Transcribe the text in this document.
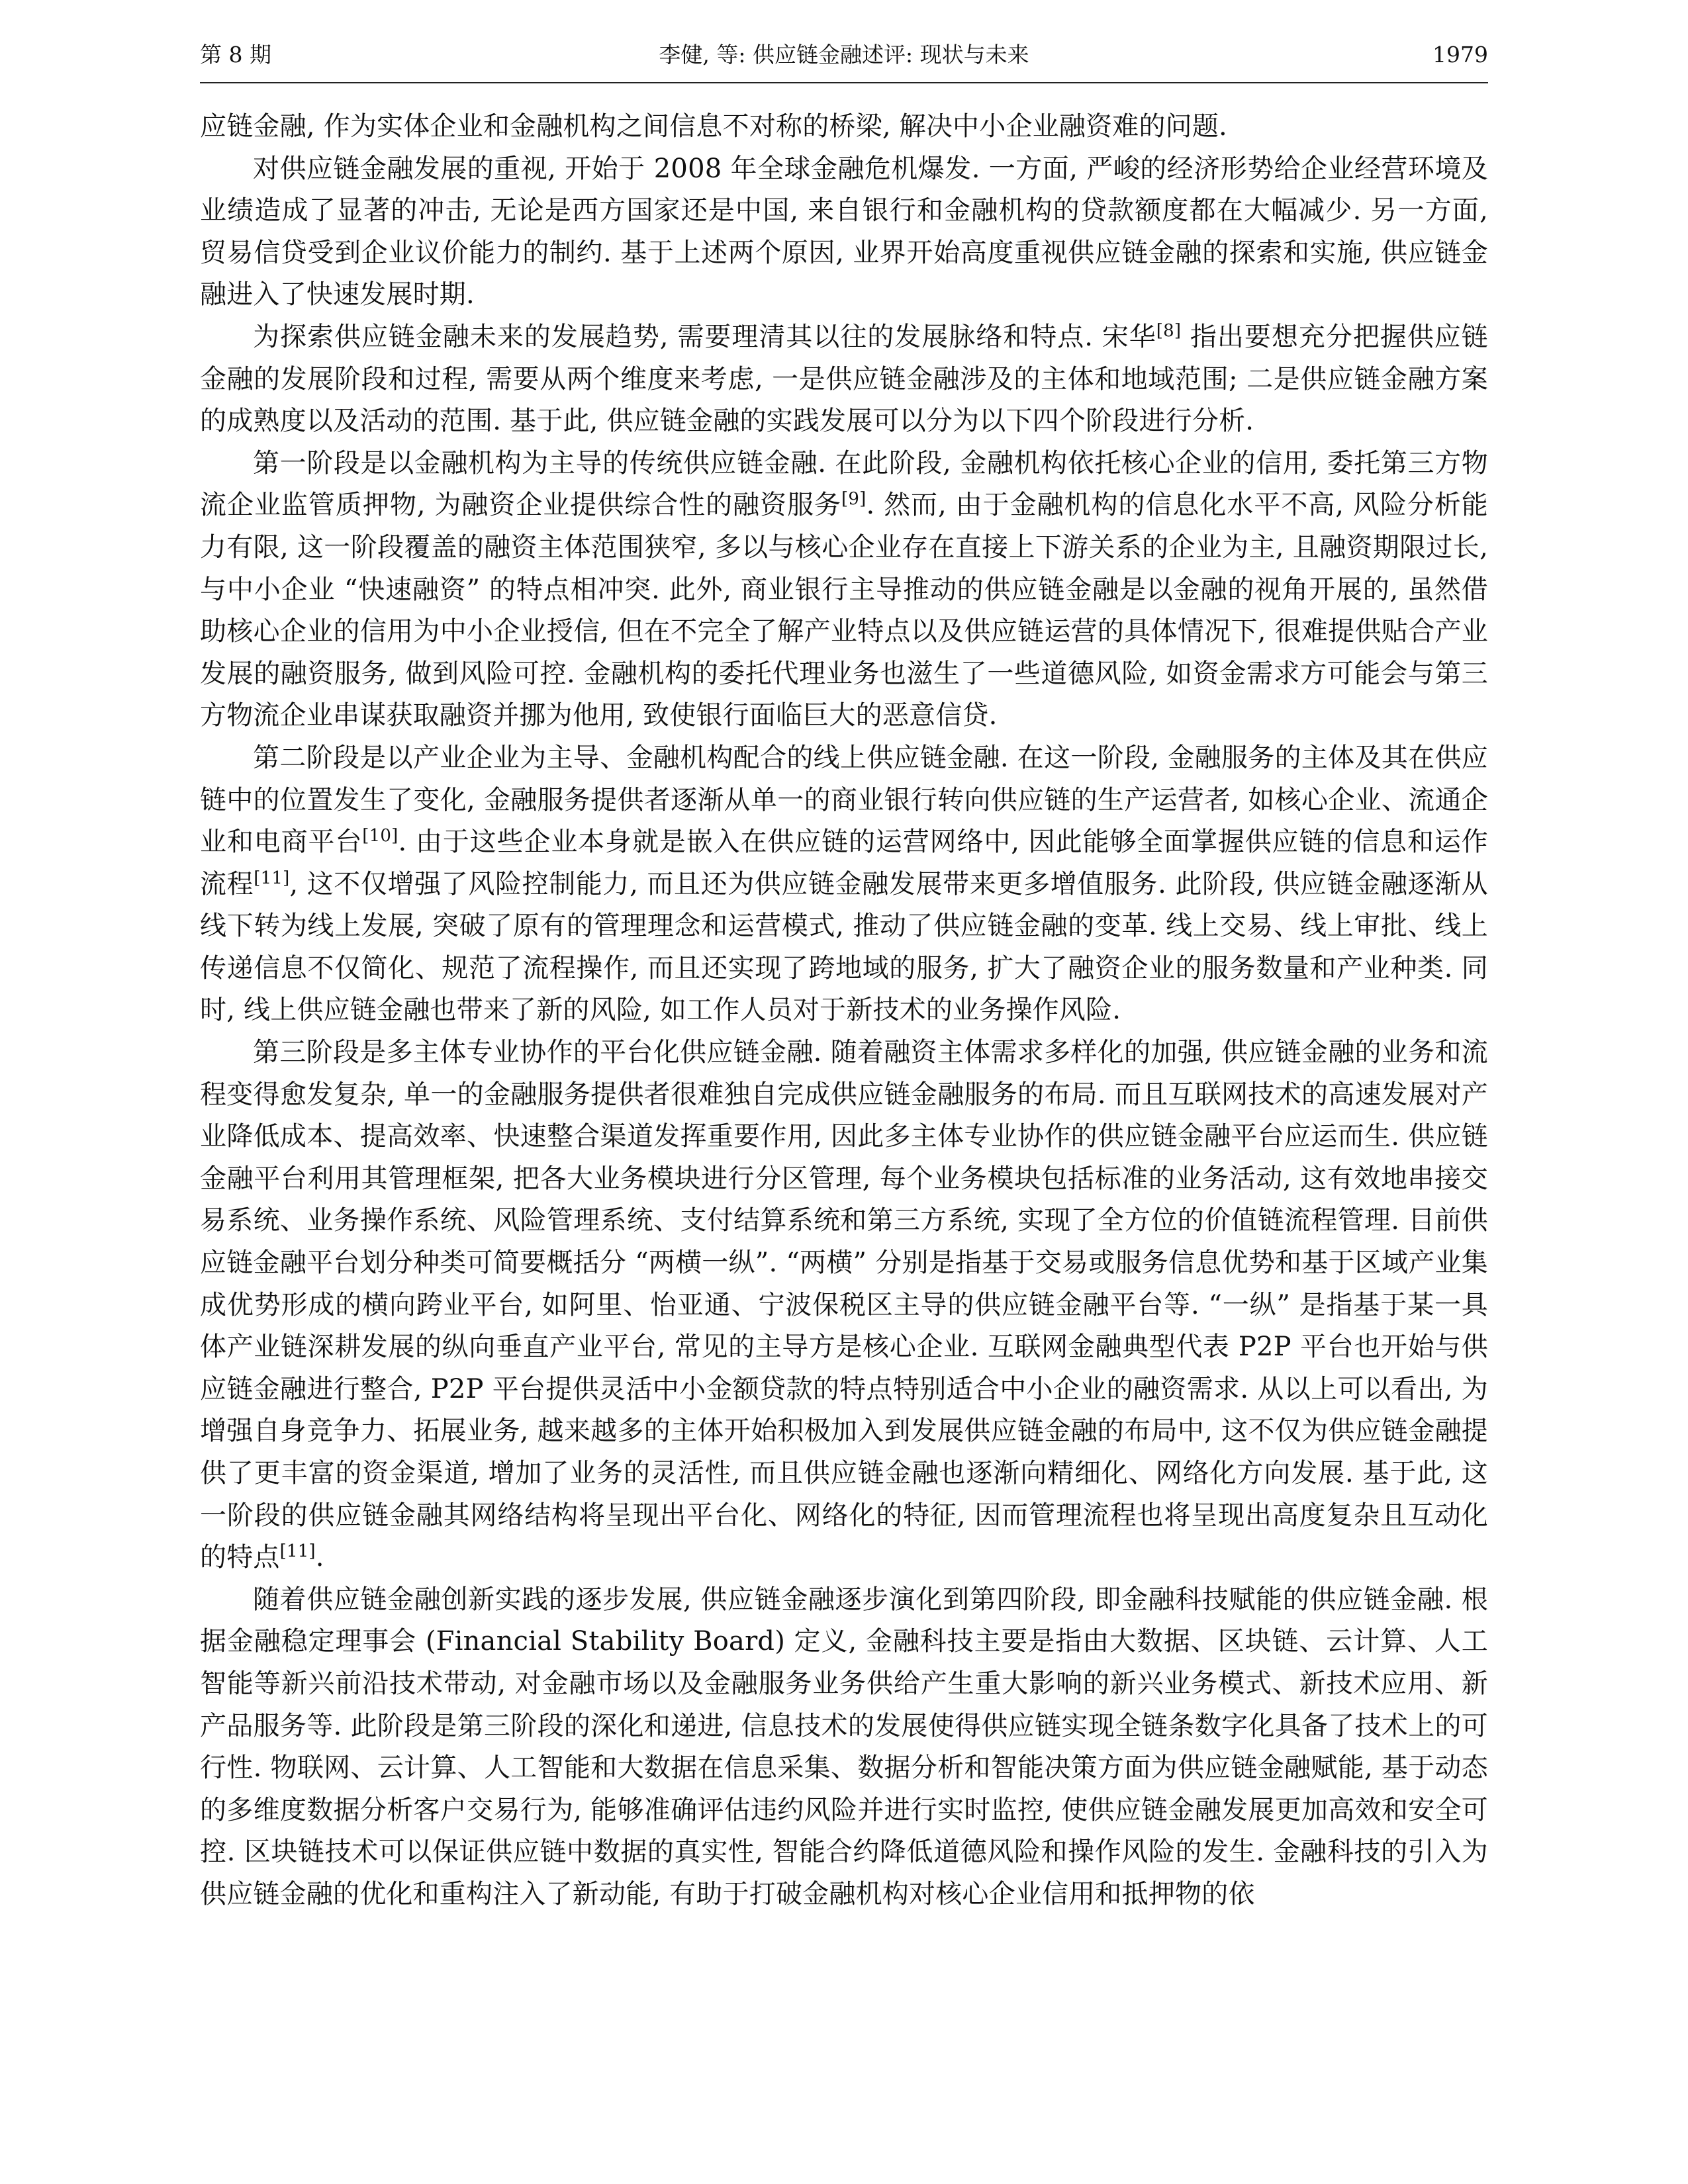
第 8 期	李健, 等: 供应链金融述评: 现状与未来	1979

应链金融, 作为实体企业和金融机构之间信息不对称的桥梁, 解决中小企业融资难的问题.

对供应链金融发展的重视, 开始于 2008 年全球金融危机爆发. 一方面, 严峻的经济形势给企业经营环境及业绩造成了显著的冲击, 无论是西方国家还是中国, 来自银行和金融机构的贷款额度都在大幅减少. 另一方面, 贸易信贷受到企业议价能力的制约. 基于上述两个原因, 业界开始高度重视供应链金融的探索和实施, 供应链金融进入了快速发展时期.

为探索供应链金融未来的发展趋势, 需要理清其以往的发展脉络和特点. 宋华[8] 指出要想充分把握供应链金融的发展阶段和过程, 需要从两个维度来考虑, 一是供应链金融涉及的主体和地域范围; 二是供应链金融方案的成熟度以及活动的范围. 基于此, 供应链金融的实践发展可以分为以下四个阶段进行分析.

第一阶段是以金融机构为主导的传统供应链金融. 在此阶段, 金融机构依托核心企业的信用, 委托第三方物流企业监管质押物, 为融资企业提供综合性的融资服务[9]. 然而, 由于金融机构的信息化水平不高, 风险分析能力有限, 这一阶段覆盖的融资主体范围狭窄, 多以与核心企业存在直接上下游关系的企业为主, 且融资期限过长, 与中小企业 “快速融资” 的特点相冲突. 此外, 商业银行主导推动的供应链金融是以金融的视角开展的, 虽然借助核心企业的信用为中小企业授信, 但在不完全了解产业特点以及供应链运营的具体情况下, 很难提供贴合产业发展的融资服务, 做到风险可控. 金融机构的委托代理业务也滋生了一些道德风险, 如资金需求方可能会与第三方物流企业串谋获取融资并挪为他用, 致使银行面临巨大的恶意信贷.

第二阶段是以产业企业为主导、金融机构配合的线上供应链金融. 在这一阶段, 金融服务的主体及其在供应链中的位置发生了变化, 金融服务提供者逐渐从单一的商业银行转向供应链的生产运营者, 如核心企业、流通企业和电商平台[10]. 由于这些企业本身就是嵌入在供应链的运营网络中, 因此能够全面掌握供应链的信息和运作流程[11], 这不仅增强了风险控制能力, 而且还为供应链金融发展带来更多增值服务. 此阶段, 供应链金融逐渐从线下转为线上发展, 突破了原有的管理理念和运营模式, 推动了供应链金融的变革. 线上交易、线上审批、线上传递信息不仅简化、规范了流程操作, 而且还实现了跨地域的服务, 扩大了融资企业的服务数量和产业种类. 同时, 线上供应链金融也带来了新的风险, 如工作人员对于新技术的业务操作风险.

第三阶段是多主体专业协作的平台化供应链金融. 随着融资主体需求多样化的加强, 供应链金融的业务和流程变得愈发复杂, 单一的金融服务提供者很难独自完成供应链金融服务的布局. 而且互联网技术的高速发展对产业降低成本、提高效率、快速整合渠道发挥重要作用, 因此多主体专业协作的供应链金融平台应运而生. 供应链金融平台利用其管理框架, 把各大业务模块进行分区管理, 每个业务模块包括标准的业务活动, 这有效地串接交易系统、业务操作系统、风险管理系统、支付结算系统和第三方系统, 实现了全方位的价值链流程管理. 目前供应链金融平台划分种类可简要概括分 “两横一纵”. “两横” 分别是指基于交易或服务信息优势和基于区域产业集成优势形成的横向跨业平台, 如阿里、怡亚通、宁波保税区主导的供应链金融平台等. “一纵” 是指基于某一具体产业链深耕发展的纵向垂直产业平台, 常见的主导方是核心企业. 互联网金融典型代表 P2P 平台也开始与供应链金融进行整合, P2P 平台提供灵活中小金额贷款的特点特别适合中小企业的融资需求. 从以上可以看出, 为增强自身竞争力、拓展业务, 越来越多的主体开始积极加入到发展供应链金融的布局中, 这不仅为供应链金融提供了更丰富的资金渠道, 增加了业务的灵活性, 而且供应链金融也逐渐向精细化、网络化方向发展. 基于此, 这一阶段的供应链金融其网络结构将呈现出平台化、网络化的特征, 因而管理流程也将呈现出高度复杂且互动化的特点[11].

随着供应链金融创新实践的逐步发展, 供应链金融逐步演化到第四阶段, 即金融科技赋能的供应链金融. 根据金融稳定理事会 (Financial Stability Board) 定义, 金融科技主要是指由大数据、区块链、云计算、人工智能等新兴前沿技术带动, 对金融市场以及金融服务业务供给产生重大影响的新兴业务模式、新技术应用、新产品服务等. 此阶段是第三阶段的深化和递进, 信息技术的发展使得供应链实现全链条数字化具备了技术上的可行性. 物联网、云计算、人工智能和大数据在信息采集、数据分析和智能决策方面为供应链金融赋能, 基于动态的多维度数据分析客户交易行为, 能够准确评估违约风险并进行实时监控, 使供应链金融发展更加高效和安全可控. 区块链技术可以保证供应链中数据的真实性, 智能合约降低道德风险和操作风险的发生. 金融科技的引入为供应链金融的优化和重构注入了新动能, 有助于打破金融机构对核心企业信用和抵押物的依
